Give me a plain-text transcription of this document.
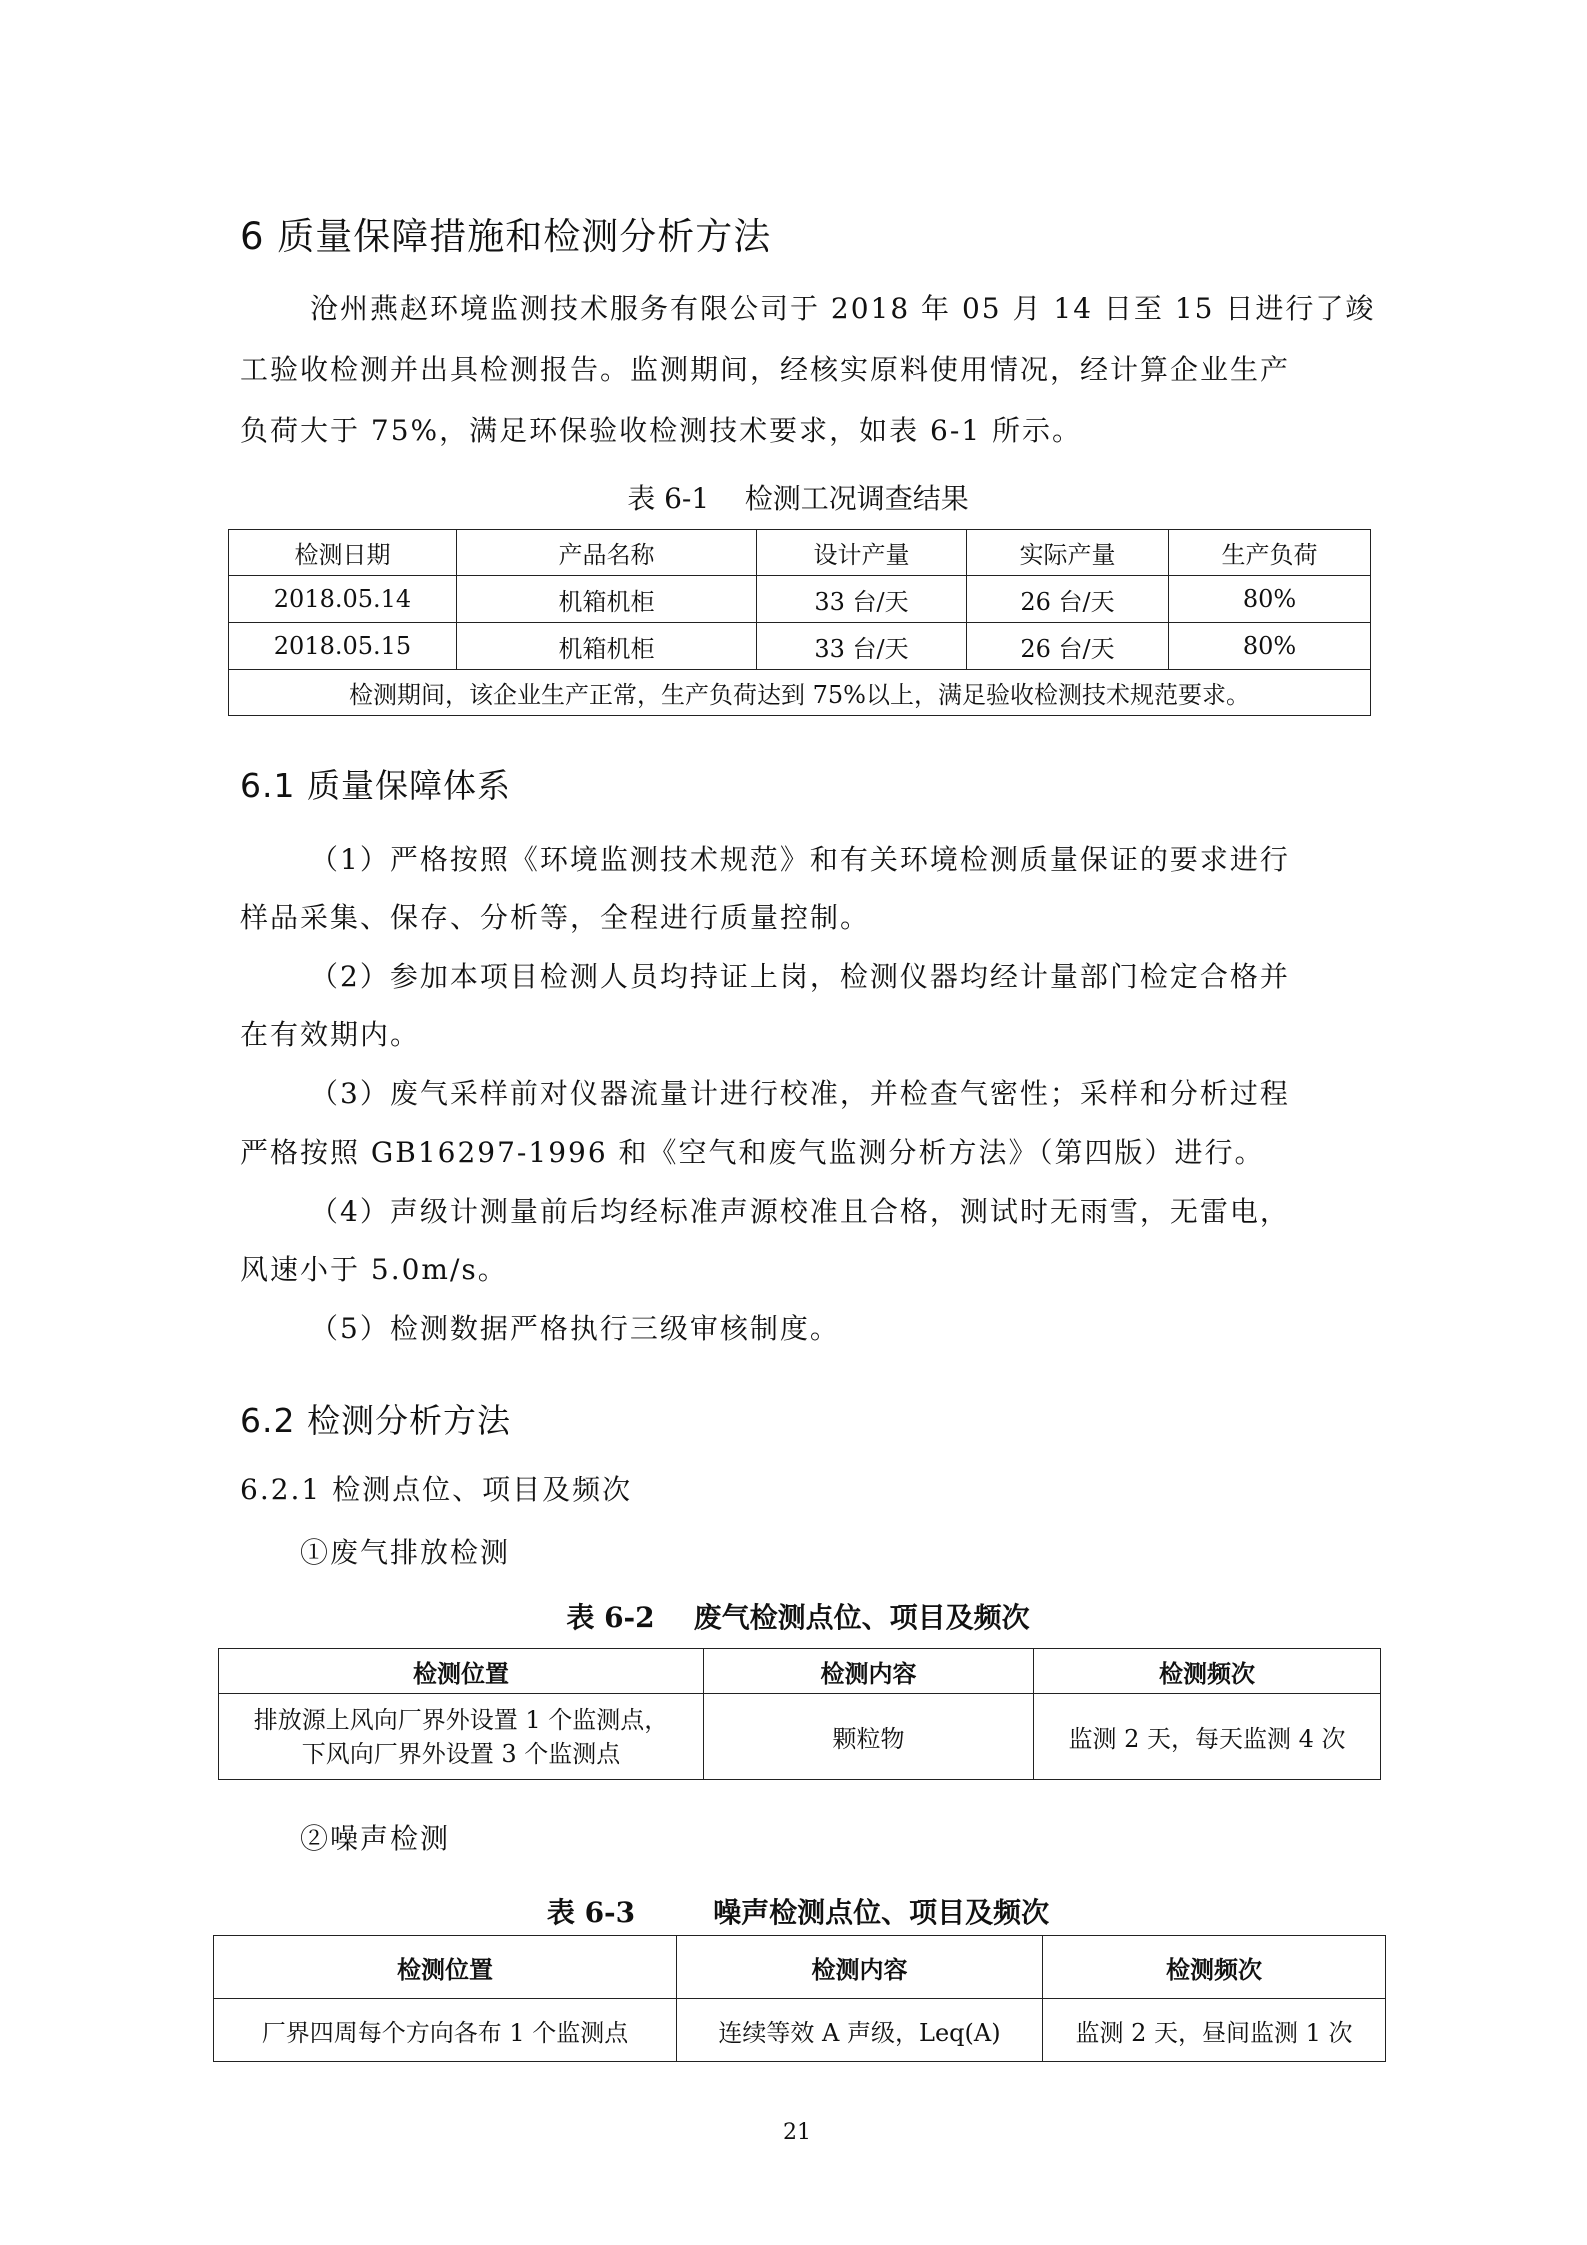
6 质量保障措施和检测分析方法
沧州燕赵环境监测技术服务有限公司于 2018 年 05 月 14 日至 15 日进行了竣
工验收检测并出具检测报告。监测期间，经核实原料使用情况，经计算企业生产
负荷大于 75%，满足环保验收检测技术要求，如表 6-1 所示。
表 6-1    检测工况调查结果
检测日期	产品名称	设计产量	实际产量	生产负荷
2018.05.14	机箱机柜	33 台/天	26 台/天	80%
2018.05.15	机箱机柜	33 台/天	26 台/天	80%
检测期间，该企业生产正常，生产负荷达到 75%以上，满足验收检测技术规范要求。				
6.1 质量保障体系
（1）严格按照《环境监测技术规范》和有关环境检测质量保证的要求进行
样品采集、保存、分析等，全程进行质量控制。
（2）参加本项目检测人员均持证上岗，检测仪器均经计量部门检定合格并
在有效期内。
（3）废气采样前对仪器流量计进行校准，并检查气密性；采样和分析过程
严格按照 GB16297-1996 和《空气和废气监测分析方法》（第四版）进行。
（4）声级计测量前后均经标准声源校准且合格，测试时无雨雪，无雷电，
风速小于 5.0m/s。
（5）检测数据严格执行三级审核制度。
6.2 检测分析方法
6.2.1 检测点位、项目及频次
①废气排放检测
表 6-2    废气检测点位、项目及频次
检测位置	检测内容	检测频次

排放源上风向厂界外设置 1 个监测点，
下风向厂界外设置 3 个监测点	颗粒物	监测 2 天，每天监测 4 次
②噪声检测
表 6-3        噪声检测点位、项目及频次
检测位置	检测内容	检测频次
厂界四周每个方向各布 1 个监测点	连续等效 A 声级，Leq(A)	监测 2 天，昼间监测 1 次
21
